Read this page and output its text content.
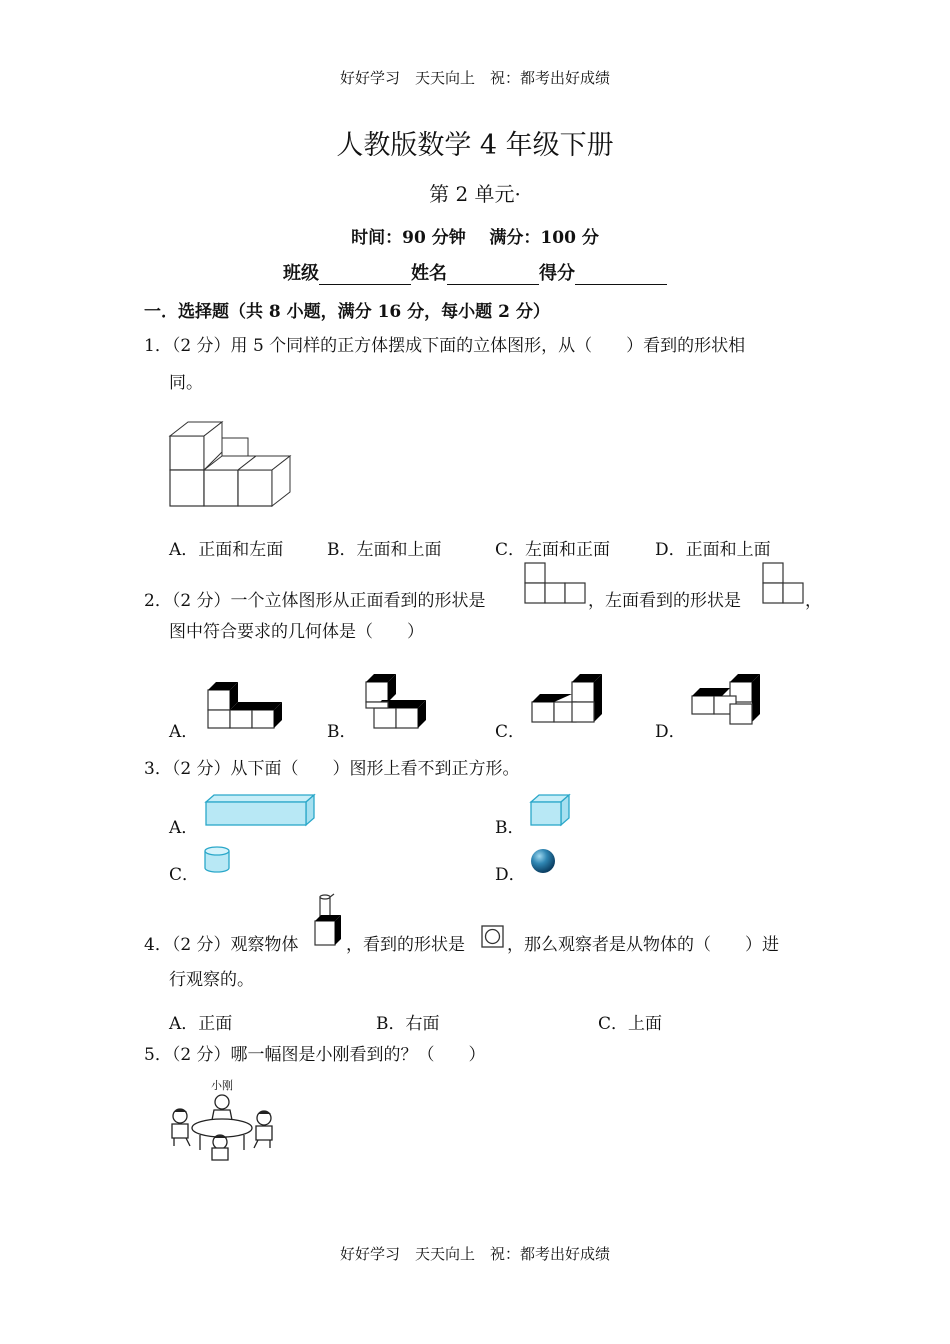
好好学习　天天向上　祝：都考出好成绩
人教版数学 4 年级下册
第 2 单元·
时间：90 分钟 满分：100 分
班级	姓名	得分
一．选择题（共 8 小题，满分 16 分，每小题 2 分）
1．（2 分）用 5 个同样的正方体摆成下面的立体图形，从（　　）看到的形状相
同。
A．正面和左面	B．左面和上面	C．左面和正面	D．正面和上面
2．（2 分）一个立体图形从正面看到的形状是	，左面看到的形状是	，
图中符合要求的几何体是（　　）
A．	B．	C．	D．
3．（2 分）从下面（　　）图形上看不到正方形。
A．	B．
C．	D．
4．（2 分）观察物体	，看到的形状是 ，那么观察者是从物体的（　　）进
行观察的。
A．正面	B．右面	C．上面
5．（2 分）哪一幅图是小刚看到的？（　　）
小刚
好好学习　天天向上　祝：都考出好成绩
